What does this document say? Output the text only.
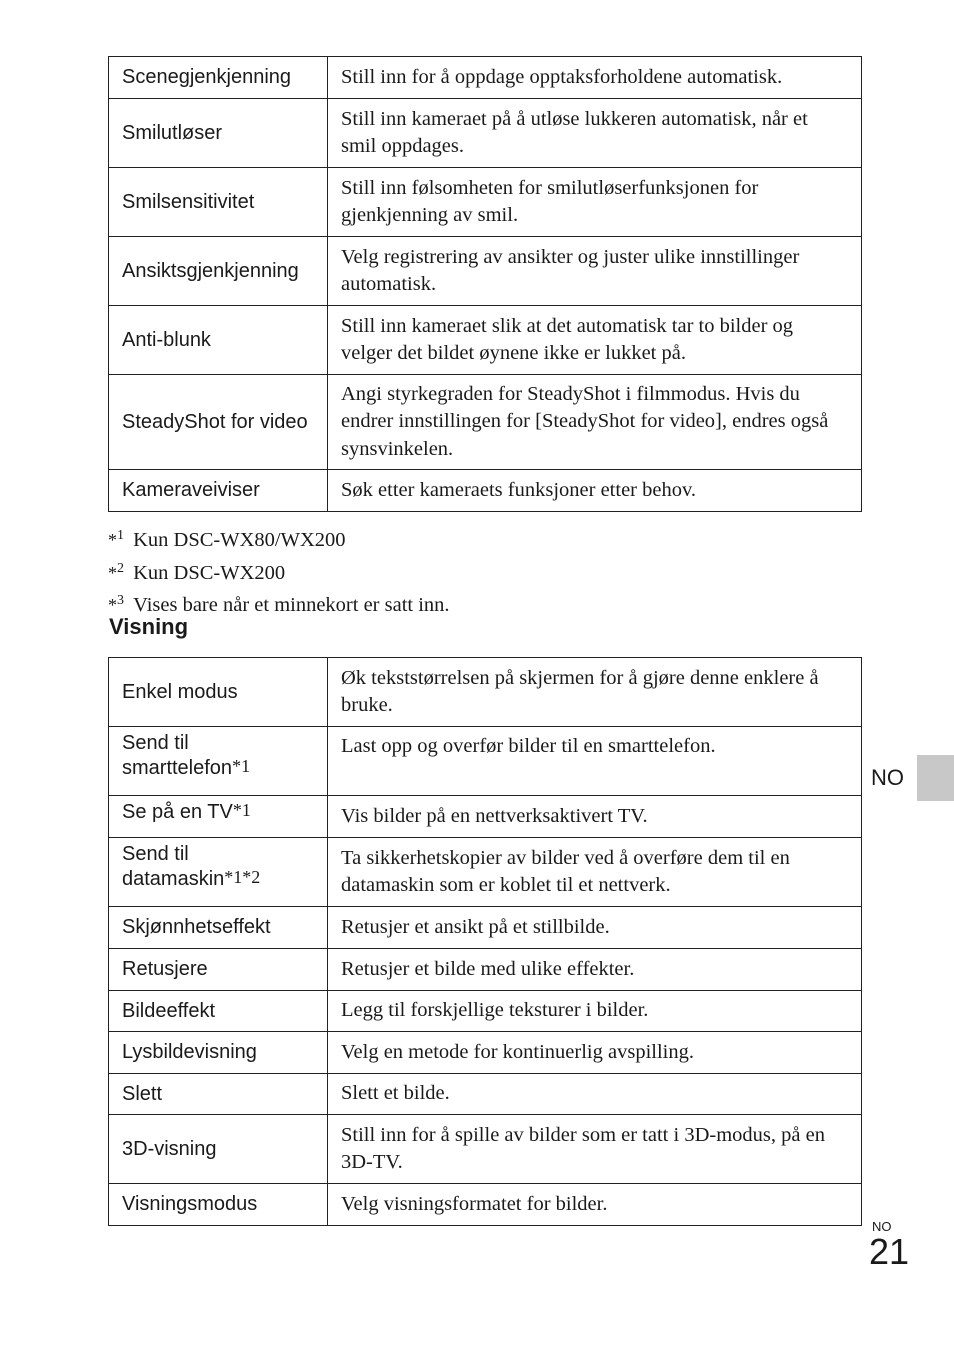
Scenegjenkjenning	Still inn for å oppdage opptaksforholdene automatisk.
Smilutløser	Still inn kameraet på å utløse lukkeren automatisk, når et smil oppdages.
Smilsensitivitet	Still inn følsomheten for smilutløserfunksjonen for gjenkjenning av smil.
Ansiktsgjenkjenning	Velg registrering av ansikter og juster ulike innstillinger automatisk.
Anti-blunk	Still inn kameraet slik at det automatisk tar to bilder og velger det bildet øynene ikke er lukket på.
SteadyShot for video	Angi styrkegraden for SteadyShot i filmmodus. Hvis du endrer innstillingen for [SteadyShot for video], endres også synsvinkelen.
Kameraveiviser	Søk etter kameraets funksjoner etter behov.
*$^1$ Kun DSC-WX80/WX200
*$^2$ Kun DSC-WX200
*$^3$ Vises bare når et minnekort er satt inn.
Visning
Enkel modus	Øk tekststørrelsen på skjermen for å gjøre denne enklere å bruke.
Send til smarttelefon*1	Last opp og overfør bilder til en smarttelefon.
Se på en TV*1	Vis bilder på en nettverksaktivert TV.
Send til datamaskin*1*2	Ta sikkerhetskopier av bilder ved å overføre dem til en datamaskin som er koblet til et nettverk.
Skjønnhetseffekt	Retusjer et ansikt på et stillbilde.
Retusjere	Retusjer et bilde med ulike effekter.
Bildeeffekt	Legg til forskjellige teksturer i bilder.
Lysbildevisning	Velg en metode for kontinuerlig avspilling.
Slett	Slett et bilde.
3D-visning	Still inn for å spille av bilder som er tatt i 3D-modus, på en 3D-TV.
Visningsmodus	Velg visningsformatet for bilder.
NO
NO
21
